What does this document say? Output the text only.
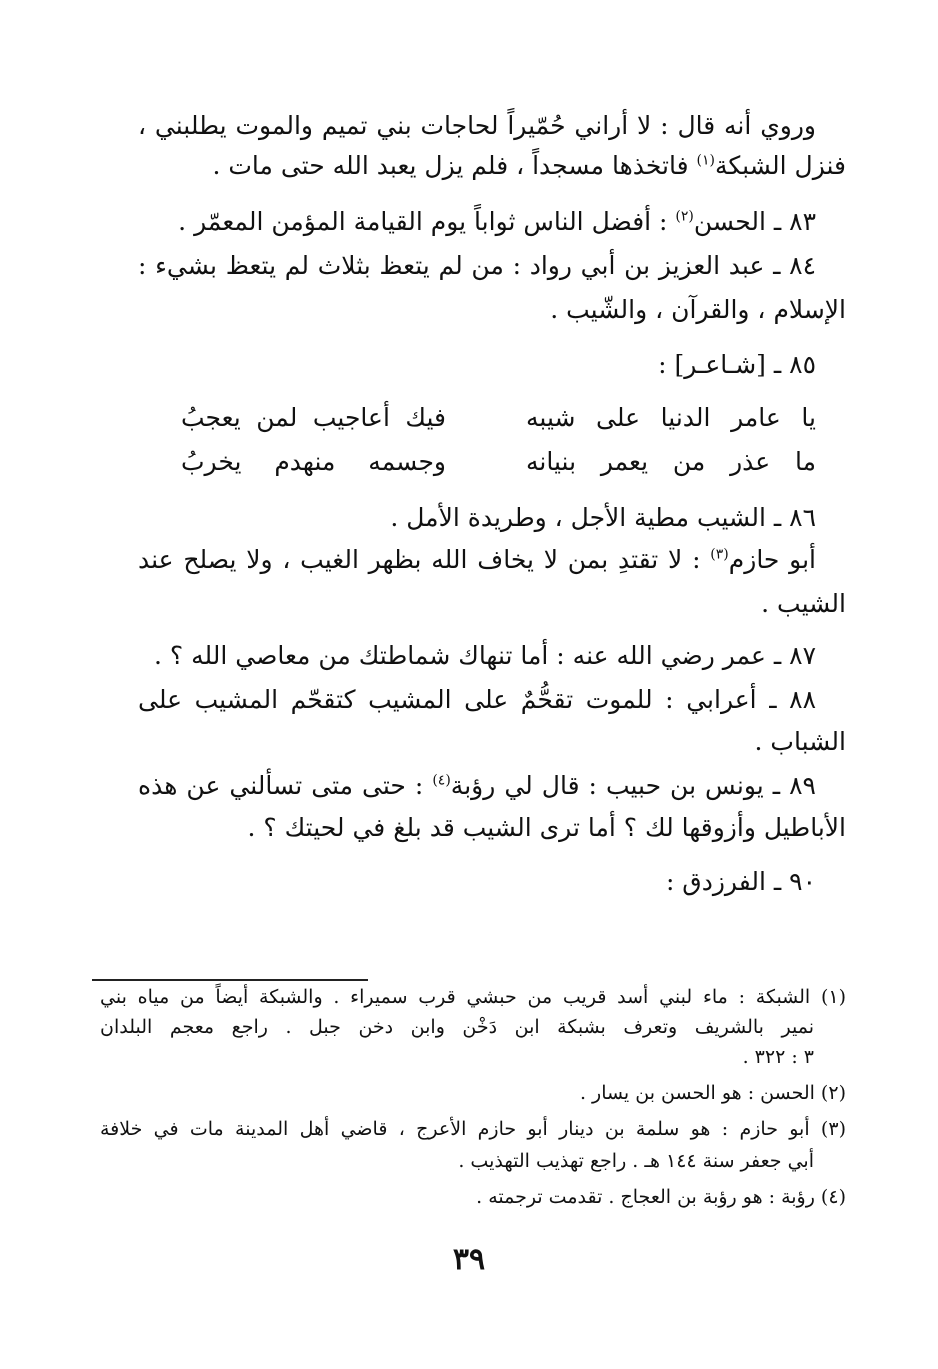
وروي أنه قال : لا أراني حُمّيراً لحاجات بني تميم والموت يطلبني ،
فنزل الشبكة$^{(١)}$ فاتخذها مسجداً ، فلم يزل يعبد الله حتى مات .
٨٣ ـ الحسن$^{(٢)}$ : أفضل الناس ثواباً يوم القيامة المؤمن المعمّر .
٨٤ ـ عبد العزيز بن أبي رواد : من لم يتعظ بثلاث لم يتعظ بشيء :
الإسلام ، والقرآن ، والشّيب .
٨٥ ـ [شـاعـر] :
يا عامر الدنيا على شيبه
فيك أعاجيب لمن يعجبُ
ما عذر من يعمر بنيانه
وجسمه منهدم يخربُ
٨٦ ـ الشيب مطية الأجل ، وطريدة الأمل .
أبو حازم$^{(٣)}$ : لا تقتدِ بمن لا يخاف الله بظهر الغيب ، ولا يصلح عند
الشيب .
٨٧ ـ عمر رضي الله عنه : أما تنهاك شماطتك من معاصي الله ؟ .
٨٨ ـ أعرابي : للموت تقحُّمٌ على المشيب كتقحّم المشيب على
الشباب .
٨٩ ـ يونس بن حبيب : قال لي رؤبة$^{(٤)}$ : حتى متى تسألني عن هذه
الأباطيل وأزوقها لك ؟ أما ترى الشيب قد بلغ في لحيتك ؟ .
٩٠ ـ الفرزدق :
(١) الشبكة : ماء لبني أسد قريب من حبشي قرب سميراء . والشبكة أيضاً من مياه بني
نمير بالشريف وتعرف بشبكة ابن دَخْن وابن دخن جبل . راجع معجم البلدان
٣ : ٣٢٢ .
(٢) الحسن : هو الحسن بن يسار .
(٣) أبو حازم : هو سلمة بن دينار أبو حازم الأعرج ، قاضي أهل المدينة مات في خلافة
أبي جعفر سنة ١٤٤ هـ . راجع تهذيب التهذيب .
(٤) رؤبة : هو رؤبة بن العجاج . تقدمت ترجمته .
٣٩
